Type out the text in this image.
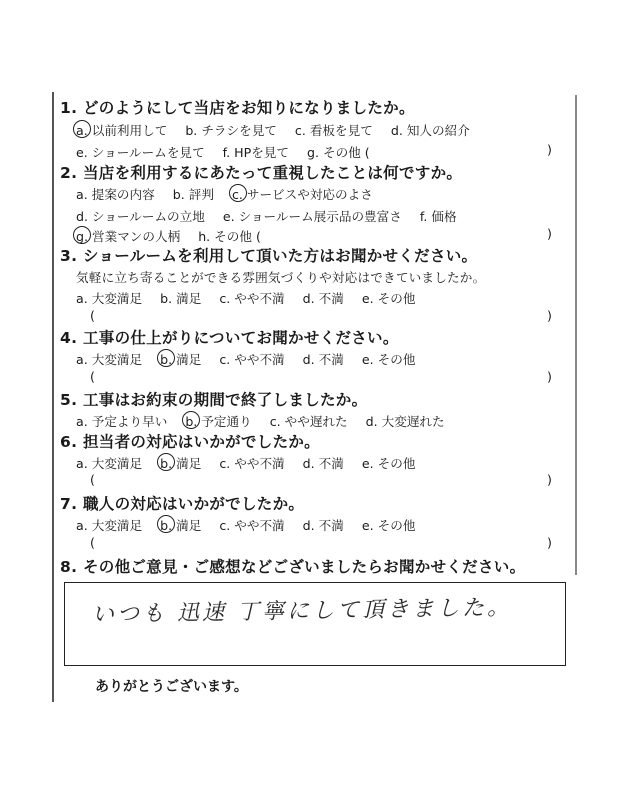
1. どのようにして当店をお知りになりましたか。
a. 以前利用して b. チラシを見て c. 看板を見て d. 知人の紹介
e. ショールームを見て f. HPを見て g. その他 (	)
2. 当店を利用するにあたって重視したことは何ですか。
a. 提案の内容 b. 評判 c. サービスや対応のよさ
d. ショールームの立地 e. ショールーム展示品の豊富さ f. 価格
g. 営業マンの人柄 h. その他 (	)
3. ショールームを利用して頂いた方はお聞かせください。
気軽に立ち寄ることができる雰囲気づくりや対応はできていましたか。
a. 大変満足 b. 満足 c. やや不満 d. 不満 e. その他
(	)
4. 工事の仕上がりについてお聞かせください。
a. 大変満足 b. 満足 c. やや不満 d. 不満 e. その他
(	)
5. 工事はお約束の期間で終了しましたか。
a. 予定より早い b. 予定通り c. やや遅れた d. 大変遅れた
6. 担当者の対応はいかがでしたか。
a. 大変満足 b. 満足 c. やや不満 d. 不満 e. その他
(	)
7. 職人の対応はいかがでしたか。
a. 大変満足 b. 満足 c. やや不満 d. 不満 e. その他
(	)
8. その他ご意見・ご感想などございましたらお聞かせください。
いつも 迅速 丁寧にして頂きました。
ありがとうございます。
